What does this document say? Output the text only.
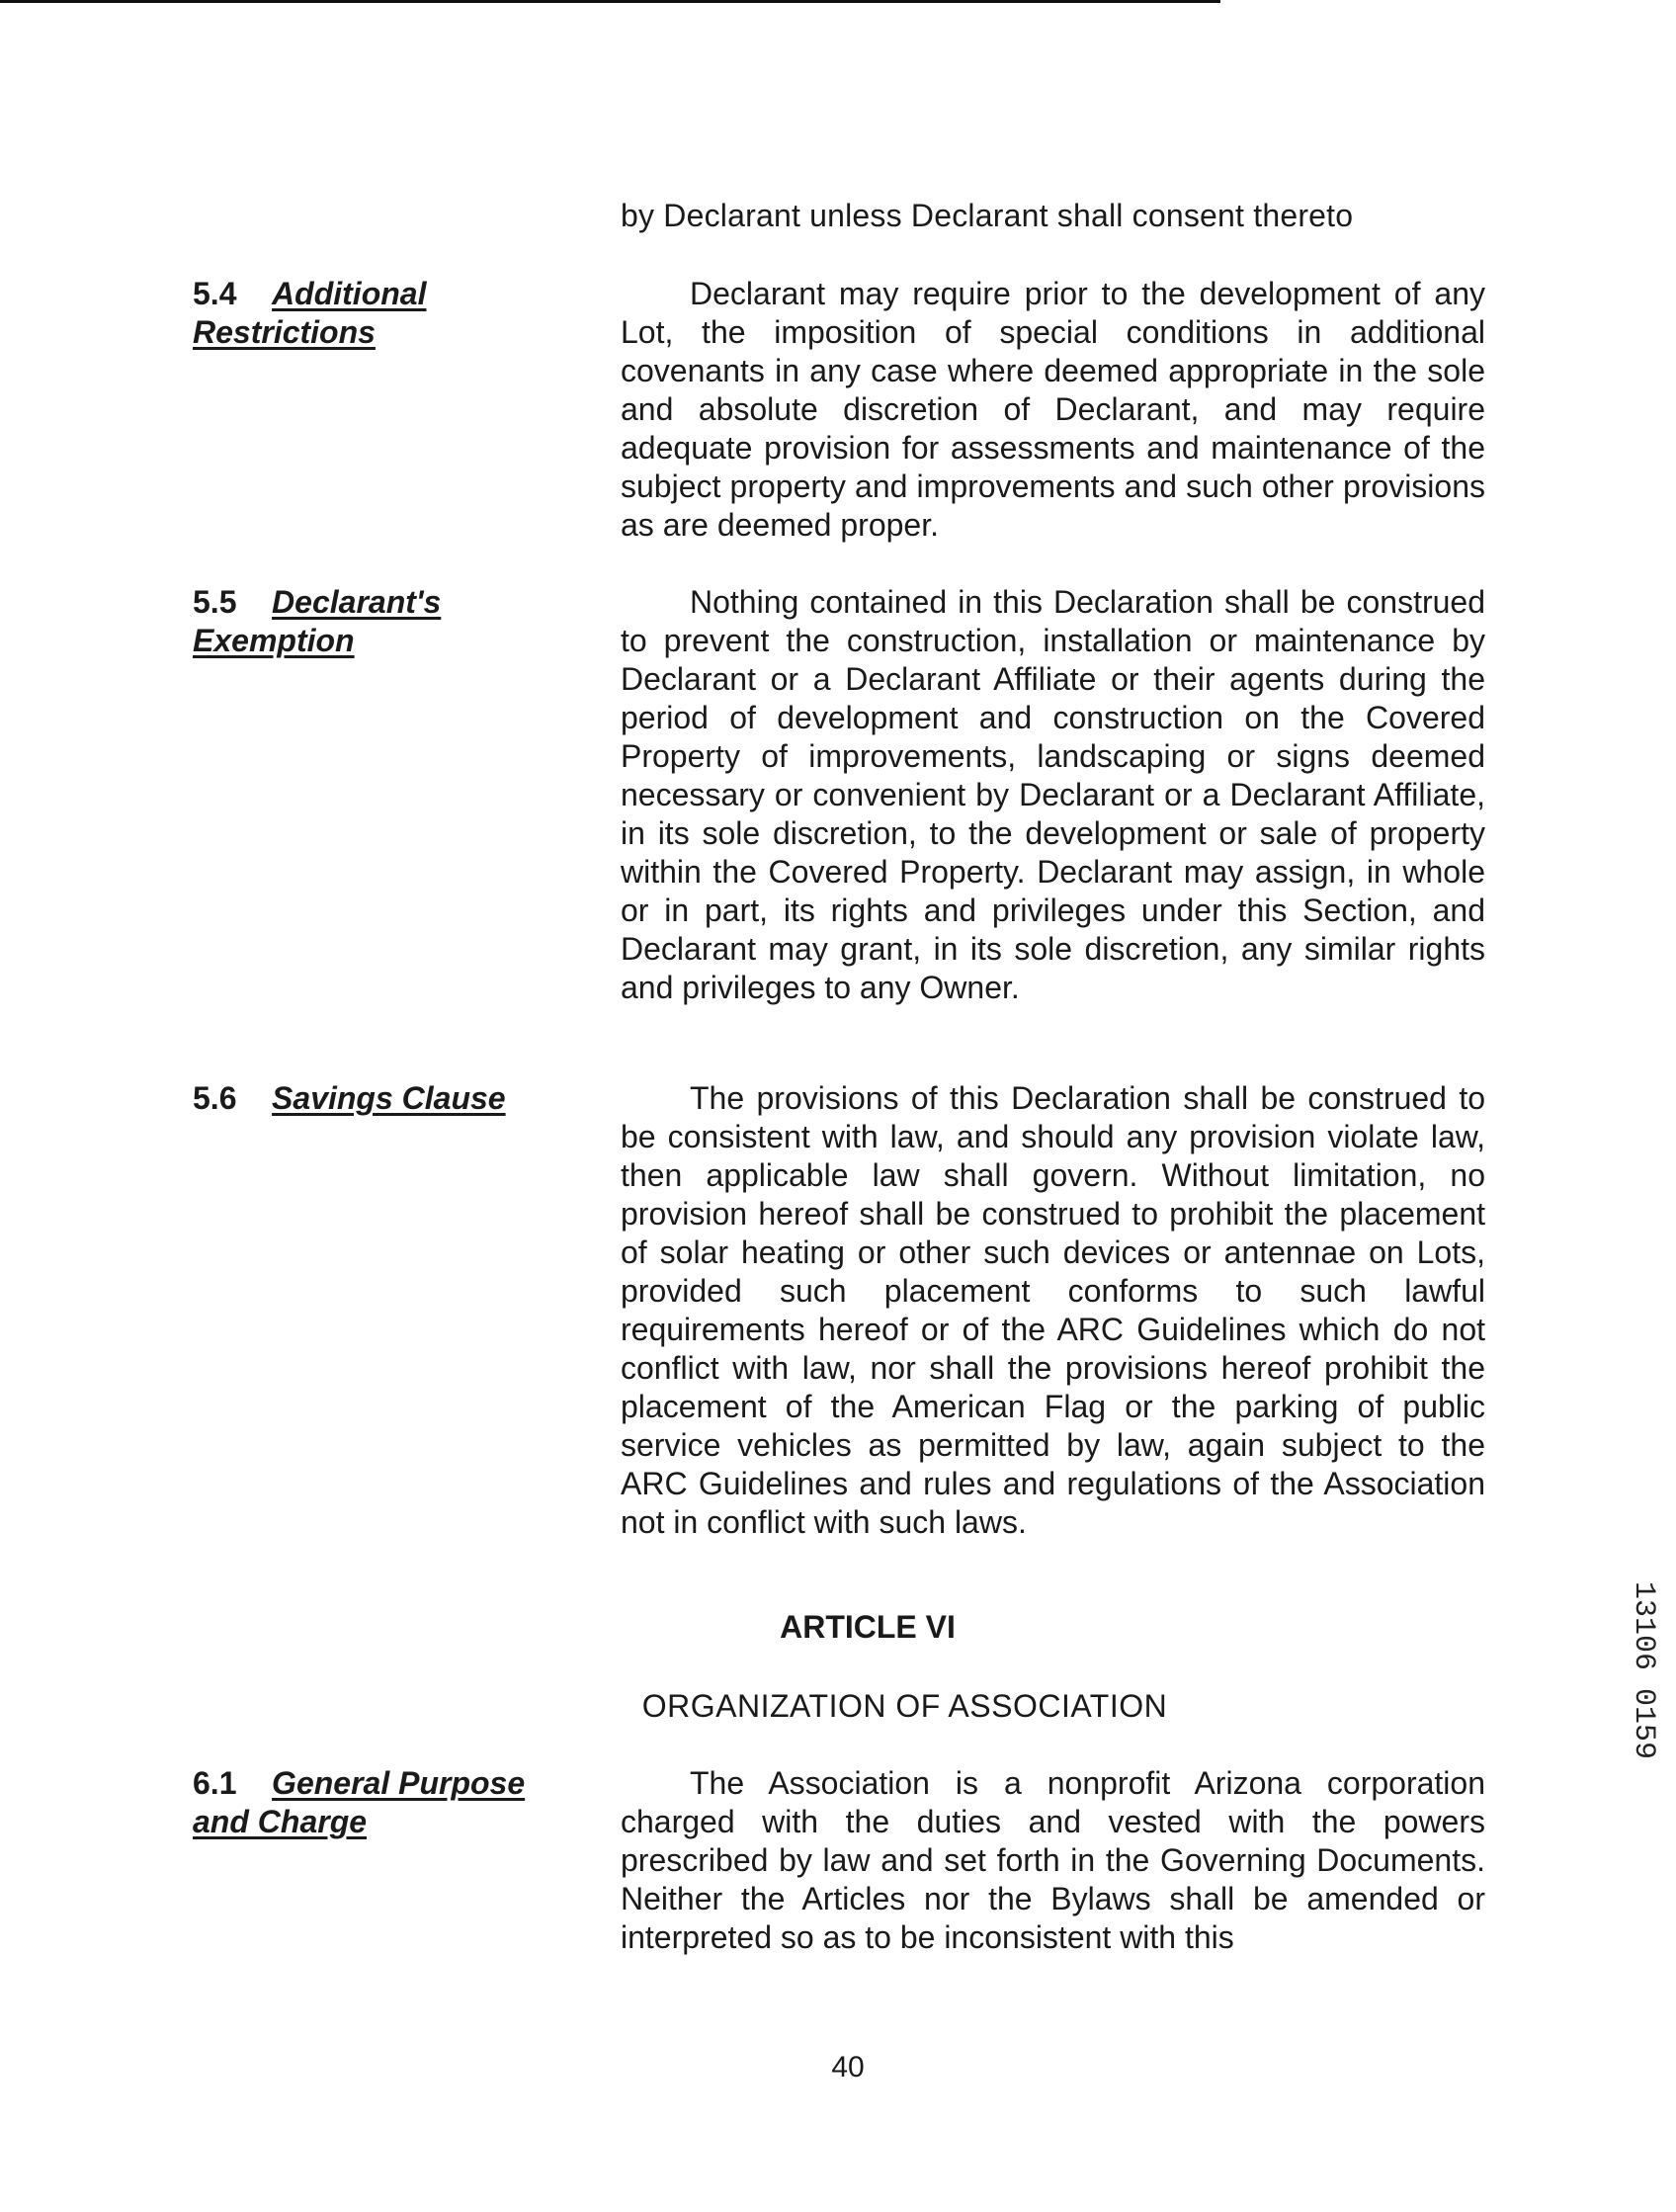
by Declarant unless Declarant shall consent thereto
5.4 Additional
Restrictions
Declarant may require prior to the development of any Lot, the imposition of special conditions in additional covenants in any case where deemed appropriate in the sole and absolute discretion of Declarant, and may require adequate provision for assessments and maintenance of the subject property and improvements and such other provisions as are deemed proper.
5.5 Declarant's
Exemption
Nothing contained in this Declaration shall be construed to prevent the construction, installation or maintenance by Declarant or a Declarant Affiliate or their agents during the period of development and construction on the Covered Property of improvements, landscaping or signs deemed necessary or convenient by Declarant or a Declarant Affiliate, in its sole discretion, to the development or sale of property within the Covered Property. Declarant may assign, in whole or in part, its rights and privileges under this Section, and Declarant may grant, in its sole discretion, any similar rights and privileges to any Owner.
5.6 Savings Clause	The provisions of this Declaration shall be construed to be consistent with law, and should any provision violate law, then applicable law shall govern. Without limitation, no provision hereof shall be construed to prohibit the placement of solar heating or other such devices or antennae on Lots, provided such placement conforms to such lawful requirements hereof or of the ARC Guidelines which do not conflict with law, nor shall the provisions hereof prohibit the placement of the American Flag or the parking of public service vehicles as permitted by law, again subject to the ARC Guidelines and rules and regulations of the Association not in conflict with such laws.
ARTICLE VI
ORGANIZATION OF ASSOCIATION
6.1 General Purpose
and Charge
The Association is a nonprofit Arizona corporation charged with the duties and vested with the powers prescribed by law and set forth in the Governing Documents. Neither the Articles nor the Bylaws shall be amended or interpreted so as to be inconsistent with this
40
13106 0159
